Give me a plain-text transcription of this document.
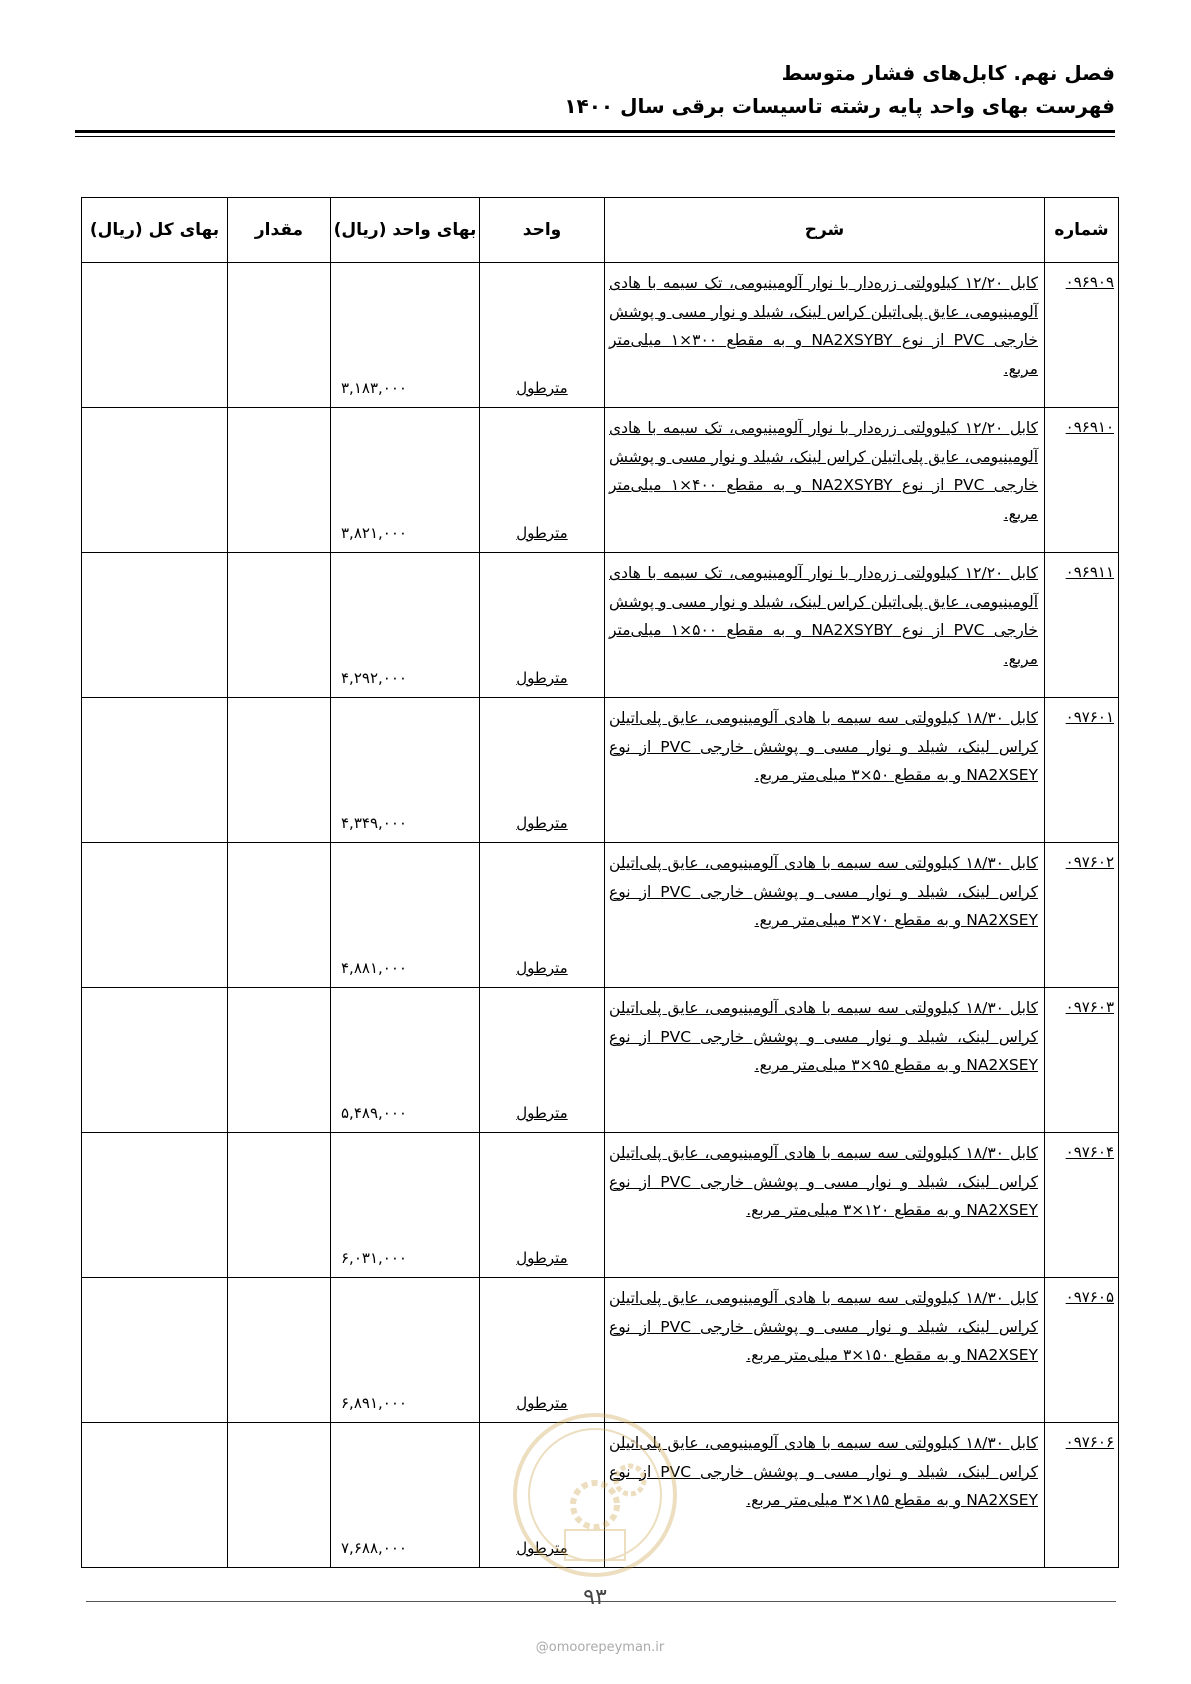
فصل نهم. کابل‌های فشار متوسط
فهرست بهای واحد پایه رشته تاسیسات برقی سال ۱۴۰۰
شماره	شرح	واحد	بهای واحد (ریال)	مقدار	بهای کل (ریال)

۰۹۶۹۰۹	کابل ۱۲/۲۰ کیلوولتی زره‌دار با نوار آلومینیومی، تک سیمه با هادی آلومینیومی، عایق پلی‌اتیلن کراس لینک، شیلد و نوار مسی و پوشش خارجی PVC از نوع NA2XSYBY و به مقطع ۳۰۰×۱ میلی‌متر مربع.	مترطول	۳,۱۸۳,۰۰۰		

۰۹۶۹۱۰	کابل ۱۲/۲۰ کیلوولتی زره‌دار با نوار آلومینیومی، تک سیمه با هادی آلومینیومی، عایق پلی‌اتیلن کراس لینک، شیلد و نوار مسی و پوشش خارجی PVC از نوع NA2XSYBY و به مقطع ۴۰۰×۱ میلی‌متر مربع.	مترطول	۳,۸۲۱,۰۰۰		

۰۹۶۹۱۱	کابل ۱۲/۲۰ کیلوولتی زره‌دار با نوار آلومینیومی، تک سیمه با هادی آلومینیومی، عایق پلی‌اتیلن کراس لینک، شیلد و نوار مسی و پوشش خارجی PVC از نوع NA2XSYBY و به مقطع ۵۰۰×۱ میلی‌متر مربع.	مترطول	۴,۲۹۲,۰۰۰		

۰۹۷۶۰۱	کابل ۱۸/۳۰ کیلوولتی سه سیمه با هادی آلومینیومی، عایق پلی‌اتیلن کراس لینک، شیلد و نوار مسی و پوشش خارجی PVC از نوع NA2XSEY و به مقطع ۵۰×۳ میلی‌متر مربع.	مترطول	۴,۳۴۹,۰۰۰		

۰۹۷۶۰۲	کابل ۱۸/۳۰ کیلوولتی سه سیمه با هادی آلومینیومی، عایق پلی‌اتیلن کراس لینک، شیلد و نوار مسی و پوشش خارجی PVC از نوع NA2XSEY و به مقطع ۷۰×۳ میلی‌متر مربع.	مترطول	۴,۸۸۱,۰۰۰		

۰۹۷۶۰۳	کابل ۱۸/۳۰ کیلوولتی سه سیمه با هادی آلومینیومی، عایق پلی‌اتیلن کراس لینک، شیلد و نوار مسی و پوشش خارجی PVC از نوع NA2XSEY و به مقطع ۹۵×۳ میلی‌متر مربع.	مترطول	۵,۴۸۹,۰۰۰		

۰۹۷۶۰۴	کابل ۱۸/۳۰ کیلوولتی سه سیمه با هادی آلومینیومی، عایق پلی‌اتیلن کراس لینک، شیلد و نوار مسی و پوشش خارجی PVC از نوع NA2XSEY و به مقطع ۱۲۰×۳ میلی‌متر مربع.	مترطول	۶,۰۳۱,۰۰۰		

۰۹۷۶۰۵	کابل ۱۸/۳۰ کیلوولتی سه سیمه با هادی آلومینیومی، عایق پلی‌اتیلن کراس لینک، شیلد و نوار مسی و پوشش خارجی PVC از نوع NA2XSEY و به مقطع ۱۵۰×۳ میلی‌متر مربع.	مترطول	۶,۸۹۱,۰۰۰		

۰۹۷۶۰۶	کابل ۱۸/۳۰ کیلوولتی سه سیمه با هادی آلومینیومی، عایق پلی‌اتیلن کراس لینک، شیلد و نوار مسی و پوشش خارجی PVC از نوع NA2XSEY و به مقطع ۱۸۵×۳ میلی‌متر مربع.	مترطول	۷,۶۸۸,۰۰۰		

۹۳
@omoorepeyman.ir
